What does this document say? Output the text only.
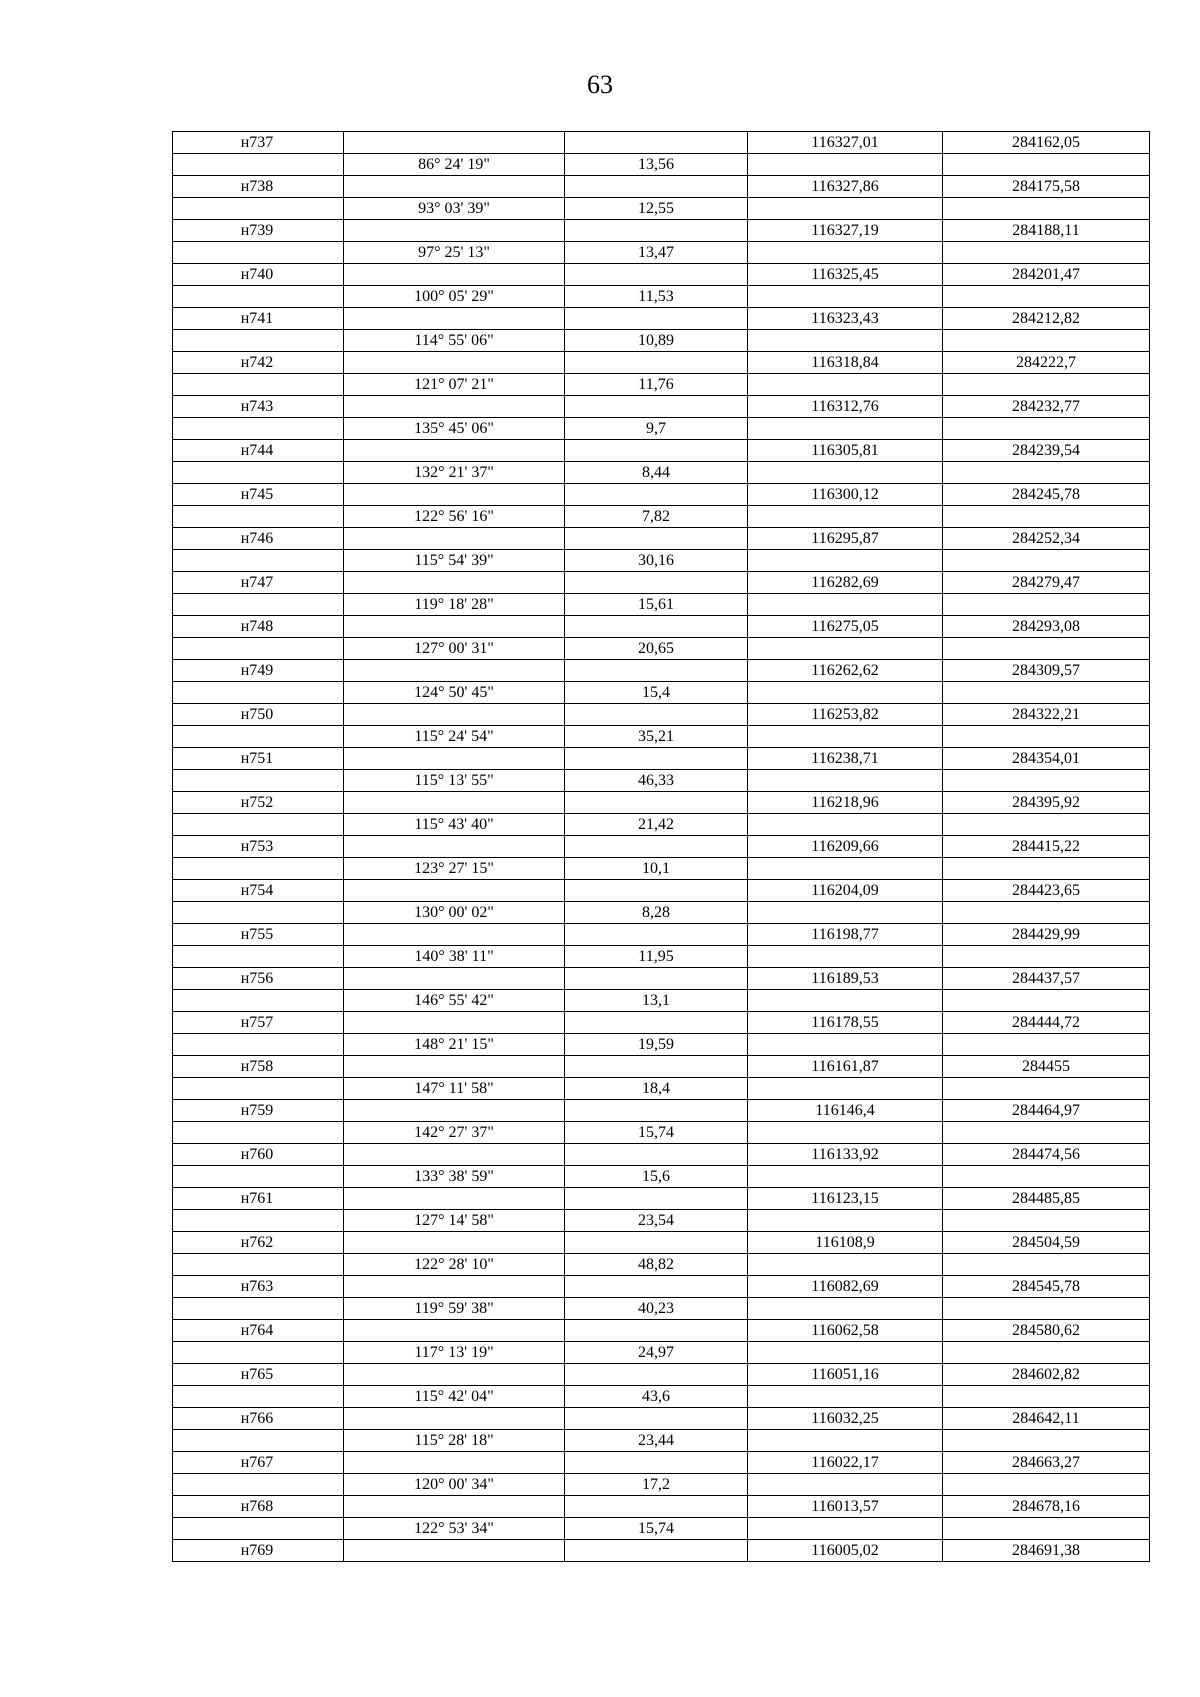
63
н737			116327,01	284162,05
	86° 24' 19"	13,56		
н738			116327,86	284175,58
	93° 03' 39"	12,55		
н739			116327,19	284188,11
	97° 25' 13"	13,47		
н740			116325,45	284201,47
	100° 05' 29"	11,53		
н741			116323,43	284212,82
	114° 55' 06"	10,89		
н742			116318,84	284222,7
	121° 07' 21"	11,76		
н743			116312,76	284232,77
	135° 45' 06"	9,7		
н744			116305,81	284239,54
	132° 21' 37"	8,44		
н745			116300,12	284245,78
	122° 56' 16"	7,82		
н746			116295,87	284252,34
	115° 54' 39"	30,16		
н747			116282,69	284279,47
	119° 18' 28"	15,61		
н748			116275,05	284293,08
	127° 00' 31"	20,65		
н749			116262,62	284309,57
	124° 50' 45"	15,4		
н750			116253,82	284322,21
	115° 24' 54"	35,21		
н751			116238,71	284354,01
	115° 13' 55"	46,33		
н752			116218,96	284395,92
	115° 43' 40"	21,42		
н753			116209,66	284415,22
	123° 27' 15"	10,1		
н754			116204,09	284423,65
	130° 00' 02"	8,28		
н755			116198,77	284429,99
	140° 38' 11"	11,95		
н756			116189,53	284437,57
	146° 55' 42"	13,1		
н757			116178,55	284444,72
	148° 21' 15"	19,59		
н758			116161,87	284455
	147° 11' 58"	18,4		
н759			116146,4	284464,97
	142° 27' 37"	15,74		
н760			116133,92	284474,56
	133° 38' 59"	15,6		
н761			116123,15	284485,85
	127° 14' 58"	23,54		
н762			116108,9	284504,59
	122° 28' 10"	48,82		
н763			116082,69	284545,78
	119° 59' 38"	40,23		
н764			116062,58	284580,62
	117° 13' 19"	24,97		
н765			116051,16	284602,82
	115° 42' 04"	43,6		
н766			116032,25	284642,11
	115° 28' 18"	23,44		
н767			116022,17	284663,27
	120° 00' 34"	17,2		
н768			116013,57	284678,16
	122° 53' 34"	15,74		
н769			116005,02	284691,38
